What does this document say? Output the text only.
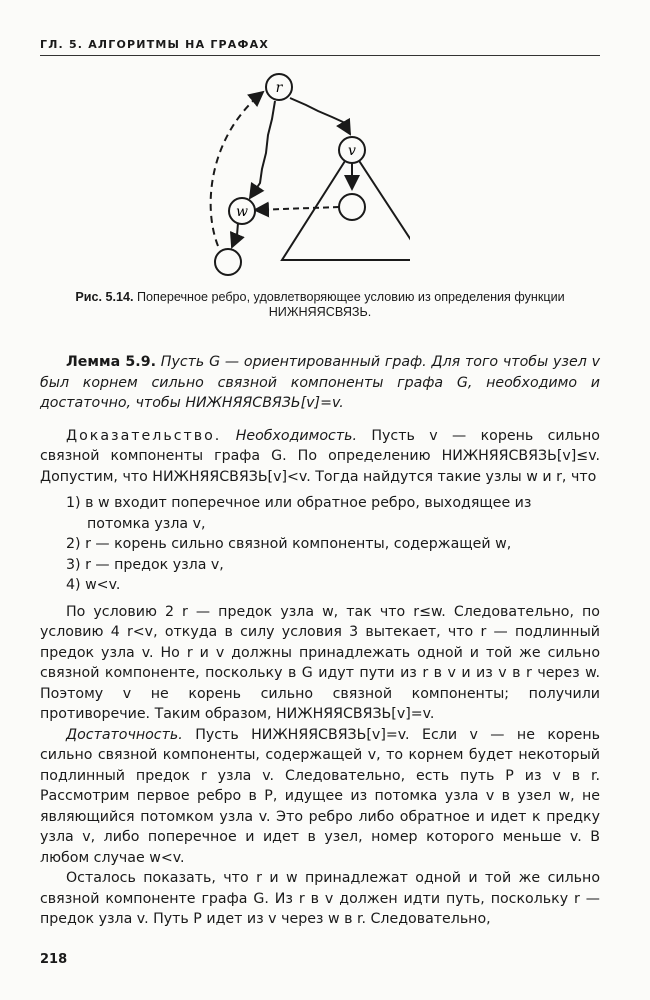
ГЛ. 5. АЛГОРИТМЫ НА ГРАФАХ
r
v
w
Рис. 5.14. Поперечное ребро, удовлетворяющее условию из определения функции
НИЖНЯЯСВЯЗЬ.

Лемма 5.9. Пусть G — ориентированный граф. Для того чтобы узел v был корнем сильно связной компоненты графа G, необходимо и достаточно, чтобы НИЖНЯЯСВЯЗЬ[v]=v.

Доказательство. Необходимость. Пусть v — корень сильно связной компоненты графа G. По определению НИЖНЯЯСВЯЗЬ[v]≤v. Допустим, что НИЖНЯЯСВЯЗЬ[v]<v. Тогда найдутся такие узлы w и r, что

1) в w входит поперечное или обратное ребро, выходящее из
потомка узла v,
2) r — корень сильно связной компоненты, содержащей w,
3) r — предок узла v,
4) w<v.

По условию 2 r — предок узла w, так что r≤w. Следовательно, по условию 4 r<v, откуда в силу условия 3 вытекает, что r — подлинный предок узла v. Но r и v должны принадлежать одной и той же сильно связной компоненте, поскольку в G идут пути из r в v и из v в r через w. Поэтому v не корень сильно связной компоненты; получили противоречие. Таким образом, НИЖНЯЯСВЯЗЬ[v]=v.

Достаточность. Пусть НИЖНЯЯСВЯЗЬ[v]=v. Если v — не корень сильно связной компоненты, содержащей v, то корнем будет некоторый подлинный предок r узла v. Следовательно, есть путь P из v в r. Рассмотрим первое ребро в P, идущее из потомка узла v в узел w, не являющийся потомком узла v. Это ребро либо обратное и идет к предку узла v, либо поперечное и идет в узел, номер которого меньше v. В любом случае w<v.

Осталось показать, что r и w принадлежат одной и той же сильно связной компоненте графа G. Из r в v должен идти путь, поскольку r — предок узла v. Путь P идет из v через w в r. Следовательно,

218
